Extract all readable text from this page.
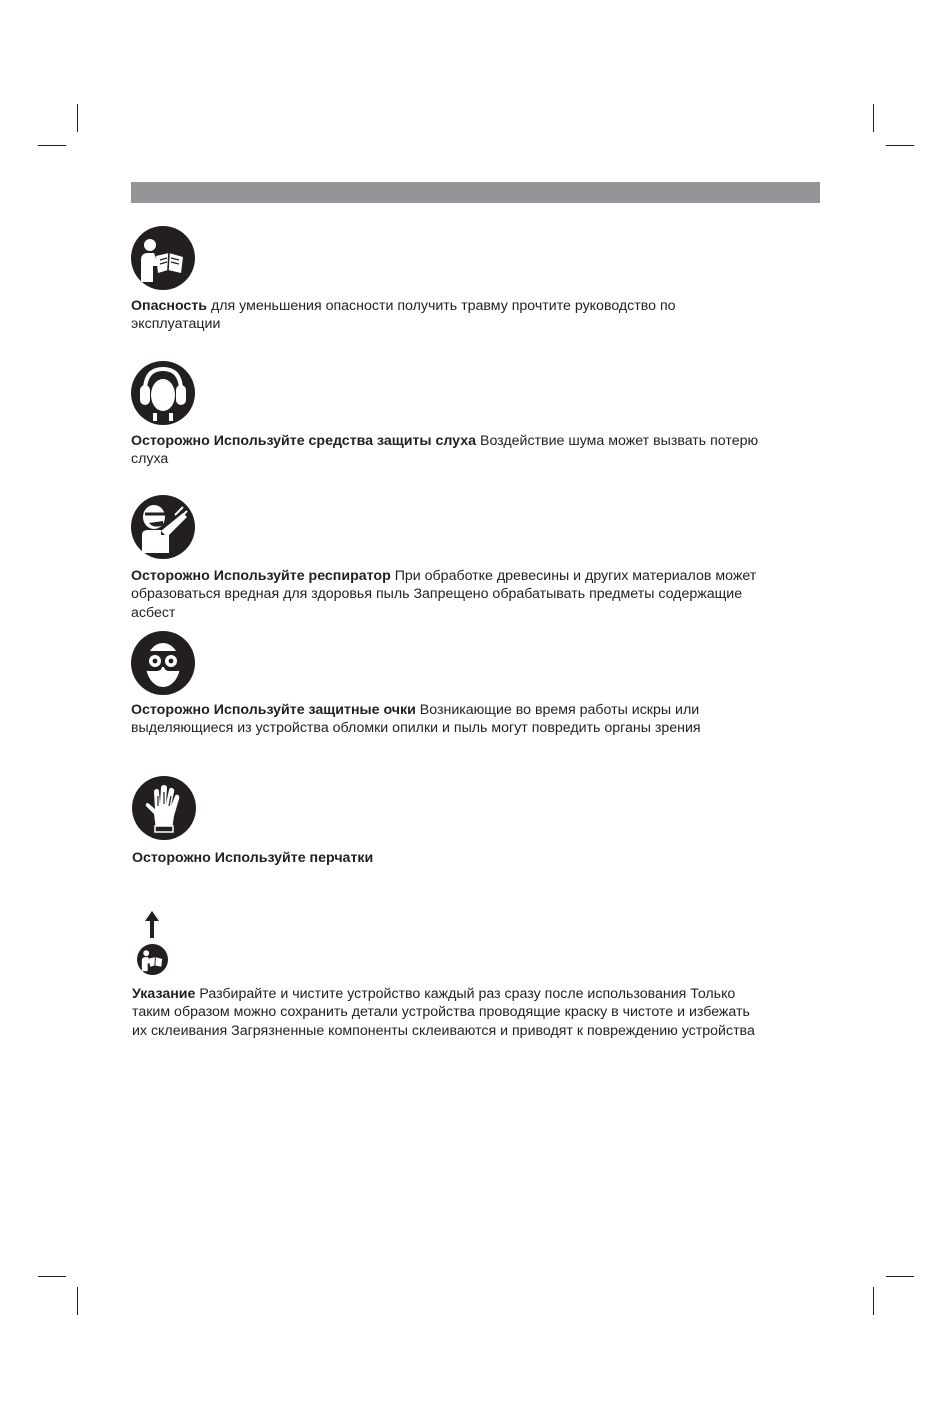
Опасность для уменьшения опасности получить травму прочтите руководство по
эксплуатации
Осторожно Используйте средства защиты слуха Воздействие шума может вызвать потерю
слуха
Осторожно Используйте респиратор При обработке древесины и других материалов может
образоваться вредная для здоровья пыль Запрещено обрабатывать предметы содержащие
асбест
Осторожно Используйте защитные очки Возникающие во время работы искры или
выделяющиеся из устройства обломки опилки и пыль могут повредить органы зрения
Осторожно Используйте перчатки
Указание Разбирайте и чистите устройство каждый раз сразу после использования Только
таким образом можно сохранить детали устройства проводящие краску в чистоте и избежать
их склеивания Загрязненные компоненты склеиваются и приводят к повреждению устройства
